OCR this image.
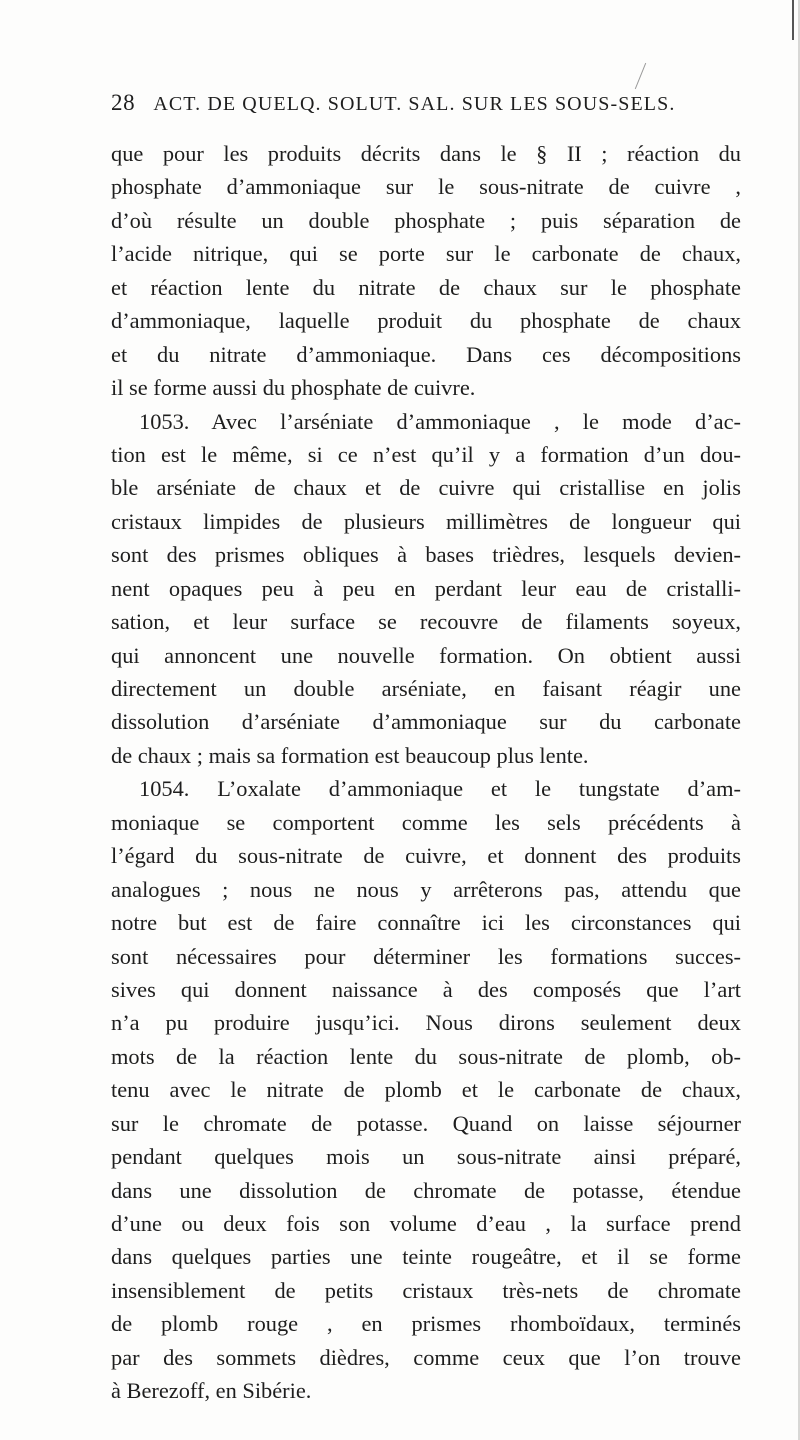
28 ACT. DE QUELQ. SOLUT. SAL. SUR LES SOUS-SELS.
que pour les produits décrits dans le § II ; réaction du
phosphate d’ammoniaque sur le sous-nitrate de cuivre ,
d’où résulte un double phosphate ; puis séparation de
l’acide nitrique, qui se porte sur le carbonate de chaux,
et réaction lente du nitrate de chaux sur le phosphate
d’ammoniaque, laquelle produit du phosphate de chaux
et du nitrate d’ammoniaque. Dans ces décompositions
il se forme aussi du phosphate de cuivre.
1053. Avec l’arséniate d’ammoniaque , le mode d’ac-
tion est le même, si ce n’est qu’il y a formation d’un dou-
ble arséniate de chaux et de cuivre qui cristallise en jolis
cristaux limpides de plusieurs millimètres de longueur qui
sont des prismes obliques à bases trièdres, lesquels devien-
nent opaques peu à peu en perdant leur eau de cristalli-
sation, et leur surface se recouvre de filaments soyeux,
qui annoncent une nouvelle formation. On obtient aussi
directement un double arséniate, en faisant réagir une
dissolution d’arséniate d’ammoniaque sur du carbonate
de chaux ; mais sa formation est beaucoup plus lente.
1054. L’oxalate d’ammoniaque et le tungstate d’am-
moniaque se comportent comme les sels précédents à
l’égard du sous-nitrate de cuivre, et donnent des produits
analogues ; nous ne nous y arrêterons pas, attendu que
notre but est de faire connaître ici les circonstances qui
sont nécessaires pour déterminer les formations succes-
sives qui donnent naissance à des composés que l’art
n’a pu produire jusqu’ici. Nous dirons seulement deux
mots de la réaction lente du sous-nitrate de plomb, ob-
tenu avec le nitrate de plomb et le carbonate de chaux,
sur le chromate de potasse. Quand on laisse séjourner
pendant quelques mois un sous-nitrate ainsi préparé,
dans une dissolution de chromate de potasse, étendue
d’une ou deux fois son volume d’eau , la surface prend
dans quelques parties une teinte rougeâtre, et il se forme
insensiblement de petits cristaux très-nets de chromate
de plomb rouge , en prismes rhomboïdaux, terminés
par des sommets dièdres, comme ceux que l’on trouve
à Berezoff, en Sibérie.
